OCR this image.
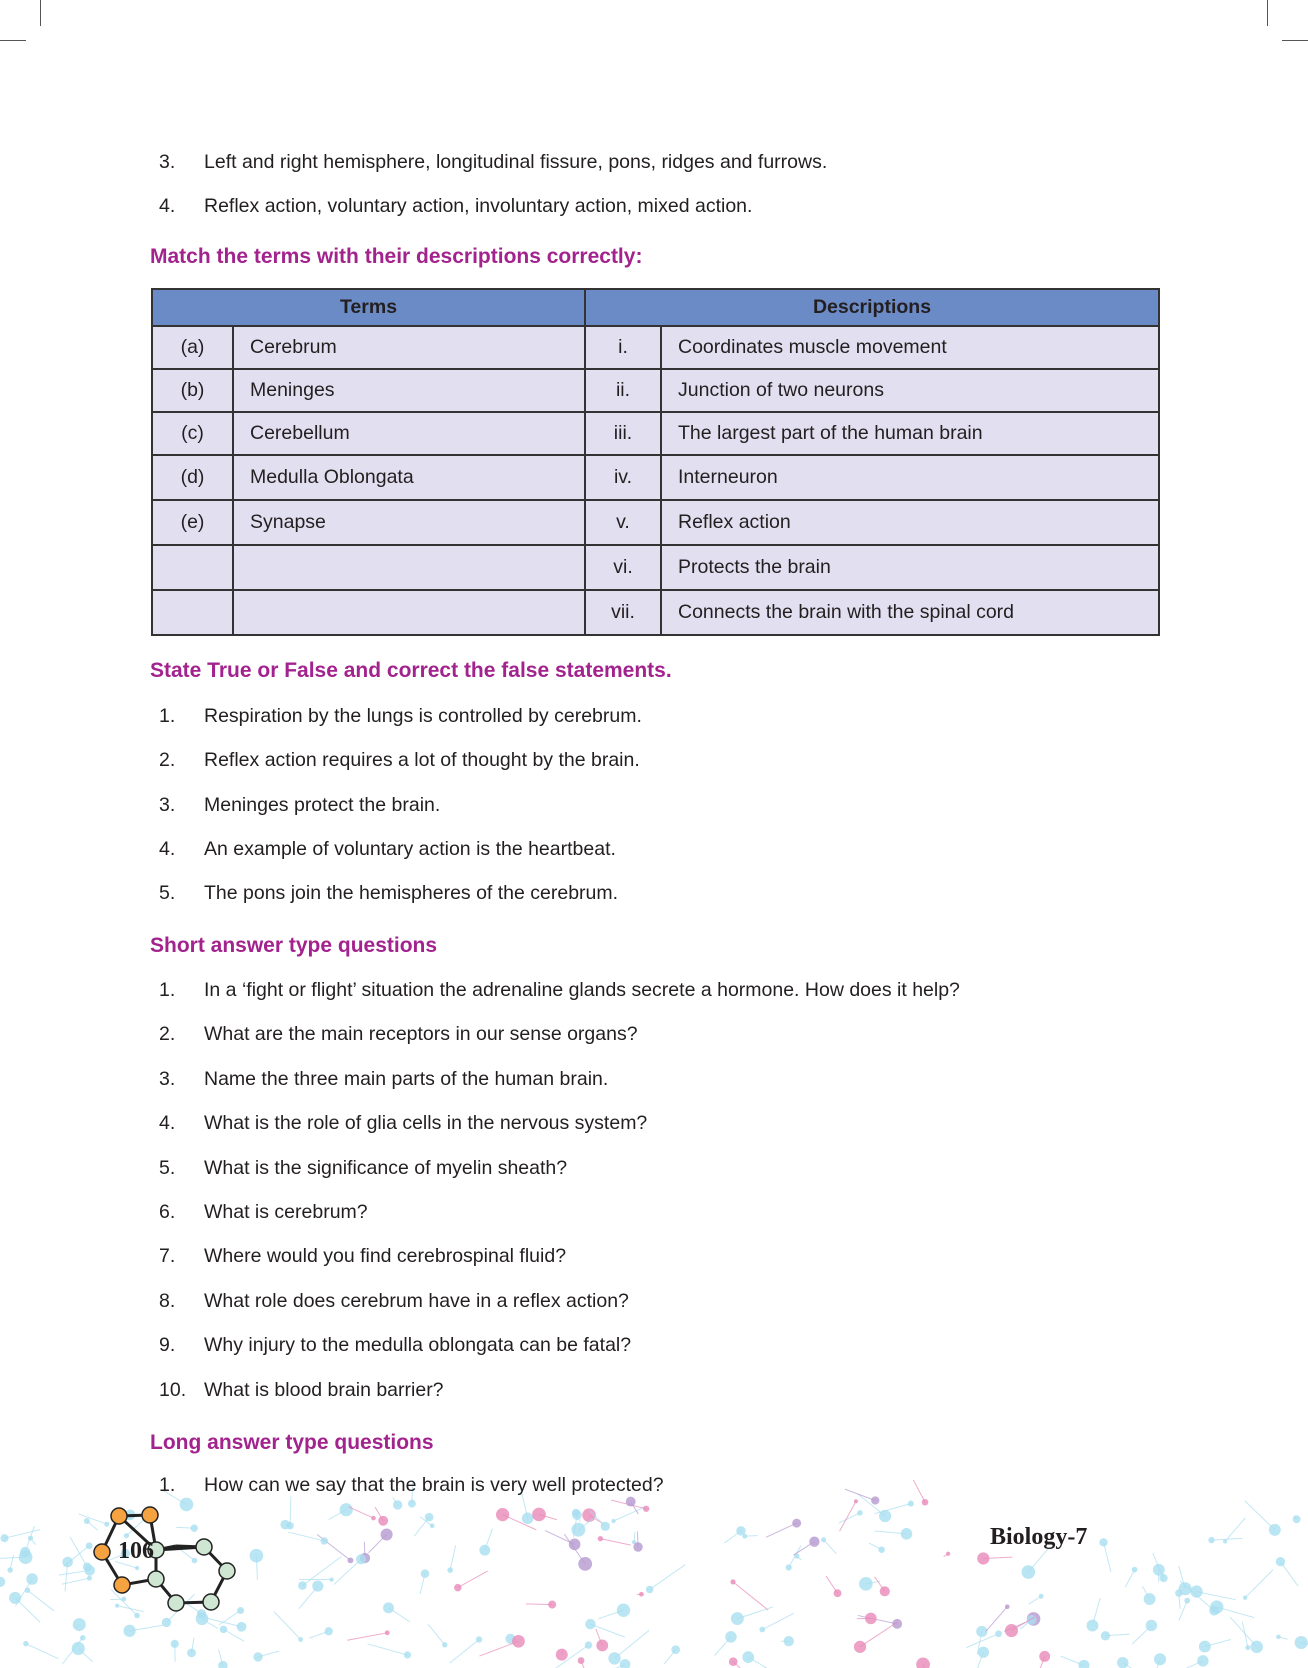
3. Left and right hemisphere, longitudinal fissure, pons, ridges and furrows.
4. Reflex action, voluntary action, involuntary action, mixed action.
Match the terms with their descriptions correctly:
Terms		Descriptions	
(a)	Cerebrum	i.	Coordinates muscle movement
(b)	Meninges	ii.	Junction of two neurons
(c)	Cerebellum	iii.	The largest part of the human brain
(d)	Medulla Oblongata	iv.	Interneuron
(e)	Synapse	v.	Reflex action
		vi.	Protects the brain
		vii.	Connects the brain with the spinal cord
State True or False and correct the false statements.
1. Respiration by the lungs is controlled by cerebrum.
2. Reflex action requires a lot of thought by the brain.
3. Meninges protect the brain.
4. An example of voluntary action is the heartbeat.
5. The pons join the hemispheres of the cerebrum.
Short answer type questions
1. In a ‘fight or flight’ situation the adrenaline glands secrete a hormone. How does it help?
2. What are the main receptors in our sense organs?
3. Name the three main parts of the human brain.
4. What is the role of glia cells in the nervous system?
5. What is the significance of myelin sheath?
6. What is cerebrum?
7. Where would you find cerebrospinal fluid?
8. What role does cerebrum have in a reflex action?
9. Why injury to the medulla oblongata can be fatal?
10. What is blood brain barrier?
Long answer type questions
1. How can we say that the brain is very well protected?
106
Biology-7
